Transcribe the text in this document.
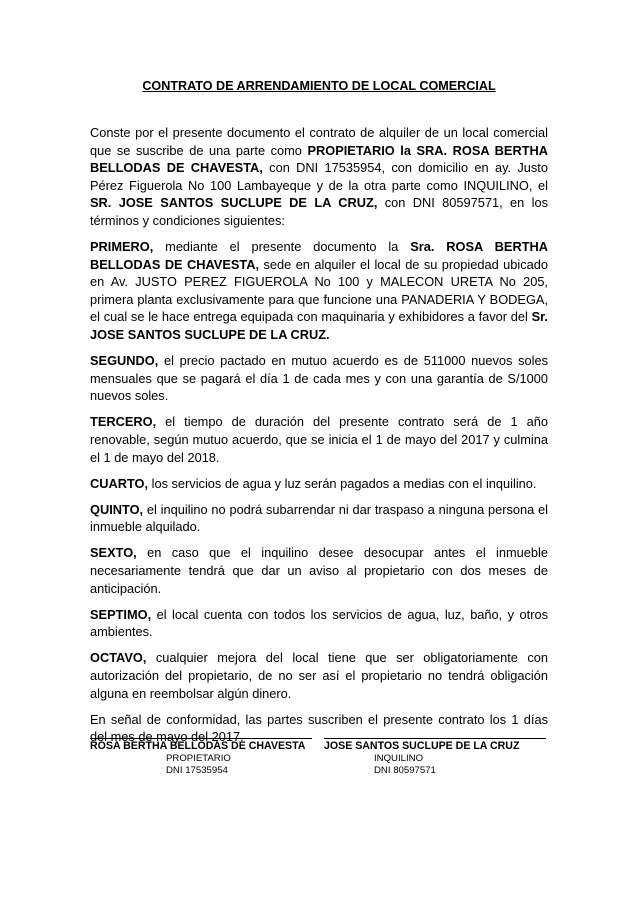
CONTRATO DE ARRENDAMIENTO DE LOCAL COMERCIAL

Conste por el presente documento el contrato de alquiler de un local comercial que se suscribe de una parte como PROPIETARIO la SRA. ROSA BERTHA BELLODAS DE CHAVESTA, con DNI 17535954, con domicilio en ay. Justo Pérez Figuerola No 100 Lambayeque y de la otra parte como INQUILINO, el SR. JOSE SANTOS SUCLUPE DE LA CRUZ, con DNI 80597571, en los términos y condiciones siguientes:

PRIMERO, mediante el presente documento la Sra. ROSA BERTHA BELLODAS DE CHAVESTA, sede en alquiler el local de su propiedad ubicado en Av. JUSTO PEREZ FIGUEROLA No 100 y MALECON URETA No 205, primera planta exclusivamente para que funcione una PANADERIA Y BODEGA, el cual se le hace entrega equipada con maquinaria y exhibidores a favor del Sr. JOSE SANTOS SUCLUPE DE LA CRUZ.

SEGUNDO, el precio pactado en mutuo acuerdo es de 511000 nuevos soles mensuales que se pagará el día 1 de cada mes y con una garantía de S/1000 nuevos soles.

TERCERO, el tiempo de duración del presente contrato será de 1 año renovable, según mutuo acuerdo, que se inicia el 1 de mayo del 2017 y culmina el 1 de mayo del 2018.

CUARTO, los servicios de agua y luz serán pagados a medias con el inquilino.

QUINTO, el inquilino no podrá subarrendar ni dar traspaso a ninguna persona el inmueble alquilado.

SEXTO, en caso que el inquilino desee desocupar antes el inmueble necesariamente tendrá que dar un aviso al propietario con dos meses de anticipación.

SEPTIMO, el local cuenta con todos los servicios de agua, luz, baño, y otros ambientes.

OCTAVO, cualquier mejora del local tiene que ser obligatoriamente con autorización del propietario, de no ser así el propietario no tendrá obligación alguna en reembolsar algún dinero.

En señal de conformidad, las partes suscriben el presente contrato los 1 días del mes de mayo del 2017.

ROSA BERTHA BELLODAS DE CHAVESTA
PROPIETARIO
DNI 17535954
JOSE SANTOS SUCLUPE DE LA CRUZ
INQUILINO
DNI 80597571
